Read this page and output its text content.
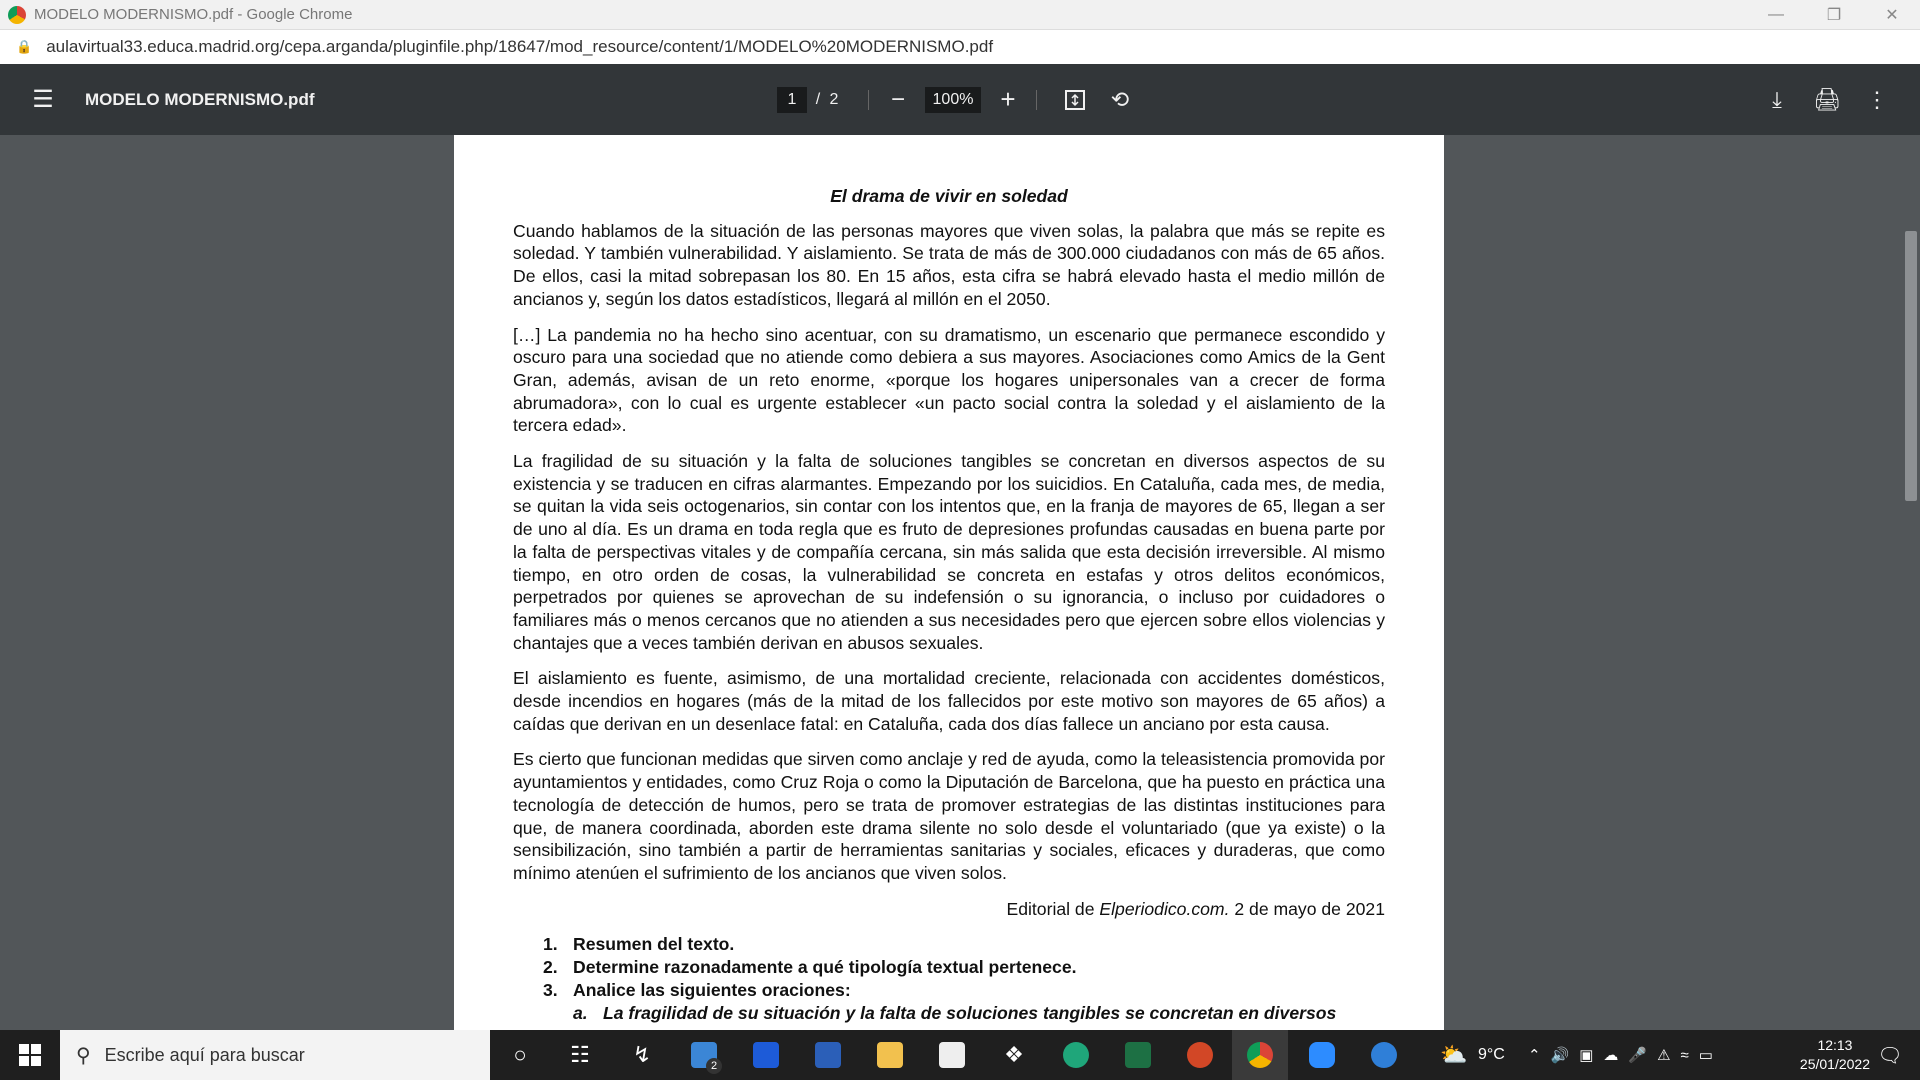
MODELO MODERNISMO.pdf - Google Chrome	—	❐	✕
🔒 aulavirtual33.educa.madrid.org/cepa.arganda/pluginfile.php/18647/mod_resource/content/1/MODELO%20MODERNISMO.pdf
☰ MODELO MODERNISMO.pdf	1	/ 2	−	100% +	⟲	⤓	🖨 ⋮
El drama de vivir en soledad

Cuando hablamos de la situación de las personas mayores que viven solas, la palabra que más se repite es soledad. Y también vulnerabilidad. Y aislamiento. Se trata de más de 300.000 ciudadanos con más de 65 años. De ellos, casi la mitad sobrepasan los 80. En 15 años, esta cifra se habrá elevado hasta el medio millón de ancianos y, según los datos estadísticos, llegará al millón en el 2050.

[…] La pandemia no ha hecho sino acentuar, con su dramatismo, un escenario que permanece escondido y oscuro para una sociedad que no atiende como debiera a sus mayores. Asociaciones como Amics de la Gent Gran, además, avisan de un reto enorme, «porque los hogares unipersonales van a crecer de forma abrumadora», con lo cual es urgente establecer «un pacto social contra la soledad y el aislamiento de la tercera edad».

La fragilidad de su situación y la falta de soluciones tangibles se concretan en diversos aspectos de su existencia y se traducen en cifras alarmantes. Empezando por los suicidios. En Cataluña, cada mes, de media, se quitan la vida seis octogenarios, sin contar con los intentos que, en la franja de mayores de 65, llegan a ser de uno al día. Es un drama en toda regla que es fruto de depresiones profundas causadas en buena parte por la falta de perspectivas vitales y de compañía cercana, sin más salida que esta decisión irreversible. Al mismo tiempo, en otro orden de cosas, la vulnerabilidad se concreta en estafas y otros delitos económicos, perpetrados por quienes se aprovechan de su indefensión o su ignorancia, o incluso por cuidadores o familiares más o menos cercanos que no atienden a sus necesidades pero que ejercen sobre ellos violencias y chantajes que a veces también derivan en abusos sexuales.

El aislamiento es fuente, asimismo, de una mortalidad creciente, relacionada con accidentes domésticos, desde incendios en hogares (más de la mitad de los fallecidos por este motivo son mayores de 65 años) a caídas que derivan en un desenlace fatal: en Cataluña, cada dos días fallece un anciano por esta causa.

Es cierto que funcionan medidas que sirven como anclaje y red de ayuda, como la teleasistencia promovida por ayuntamientos y entidades, como Cruz Roja o como la Diputación de Barcelona, que ha puesto en práctica una tecnología de detección de humos, pero se trata de promover estrategias de las distintas instituciones para que, de manera coordinada, aborden este drama silente no solo desde el voluntariado (que ya existe) o la sensibilización, sino también a partir de herramientas sanitarias y sociales, eficaces y duraderas, que como mínimo atenúen el sufrimiento de los ancianos que viven solos.

Editorial de Elperiodico.com. 2 de mayo de 2021

1. Resumen del texto.
2. Determine razonadamente a qué tipología textual pertenece.
3. Analice las siguientes oraciones:
a. La fragilidad de su situación y la falta de soluciones tangibles se concretan en diversos
⚲ Escribe aquí para buscar	○	☷	↯	2	❖	⛅ 9°C ⌃🔊▣☁🎤⚠≈▭
12:13
25/01/2022 🗨
